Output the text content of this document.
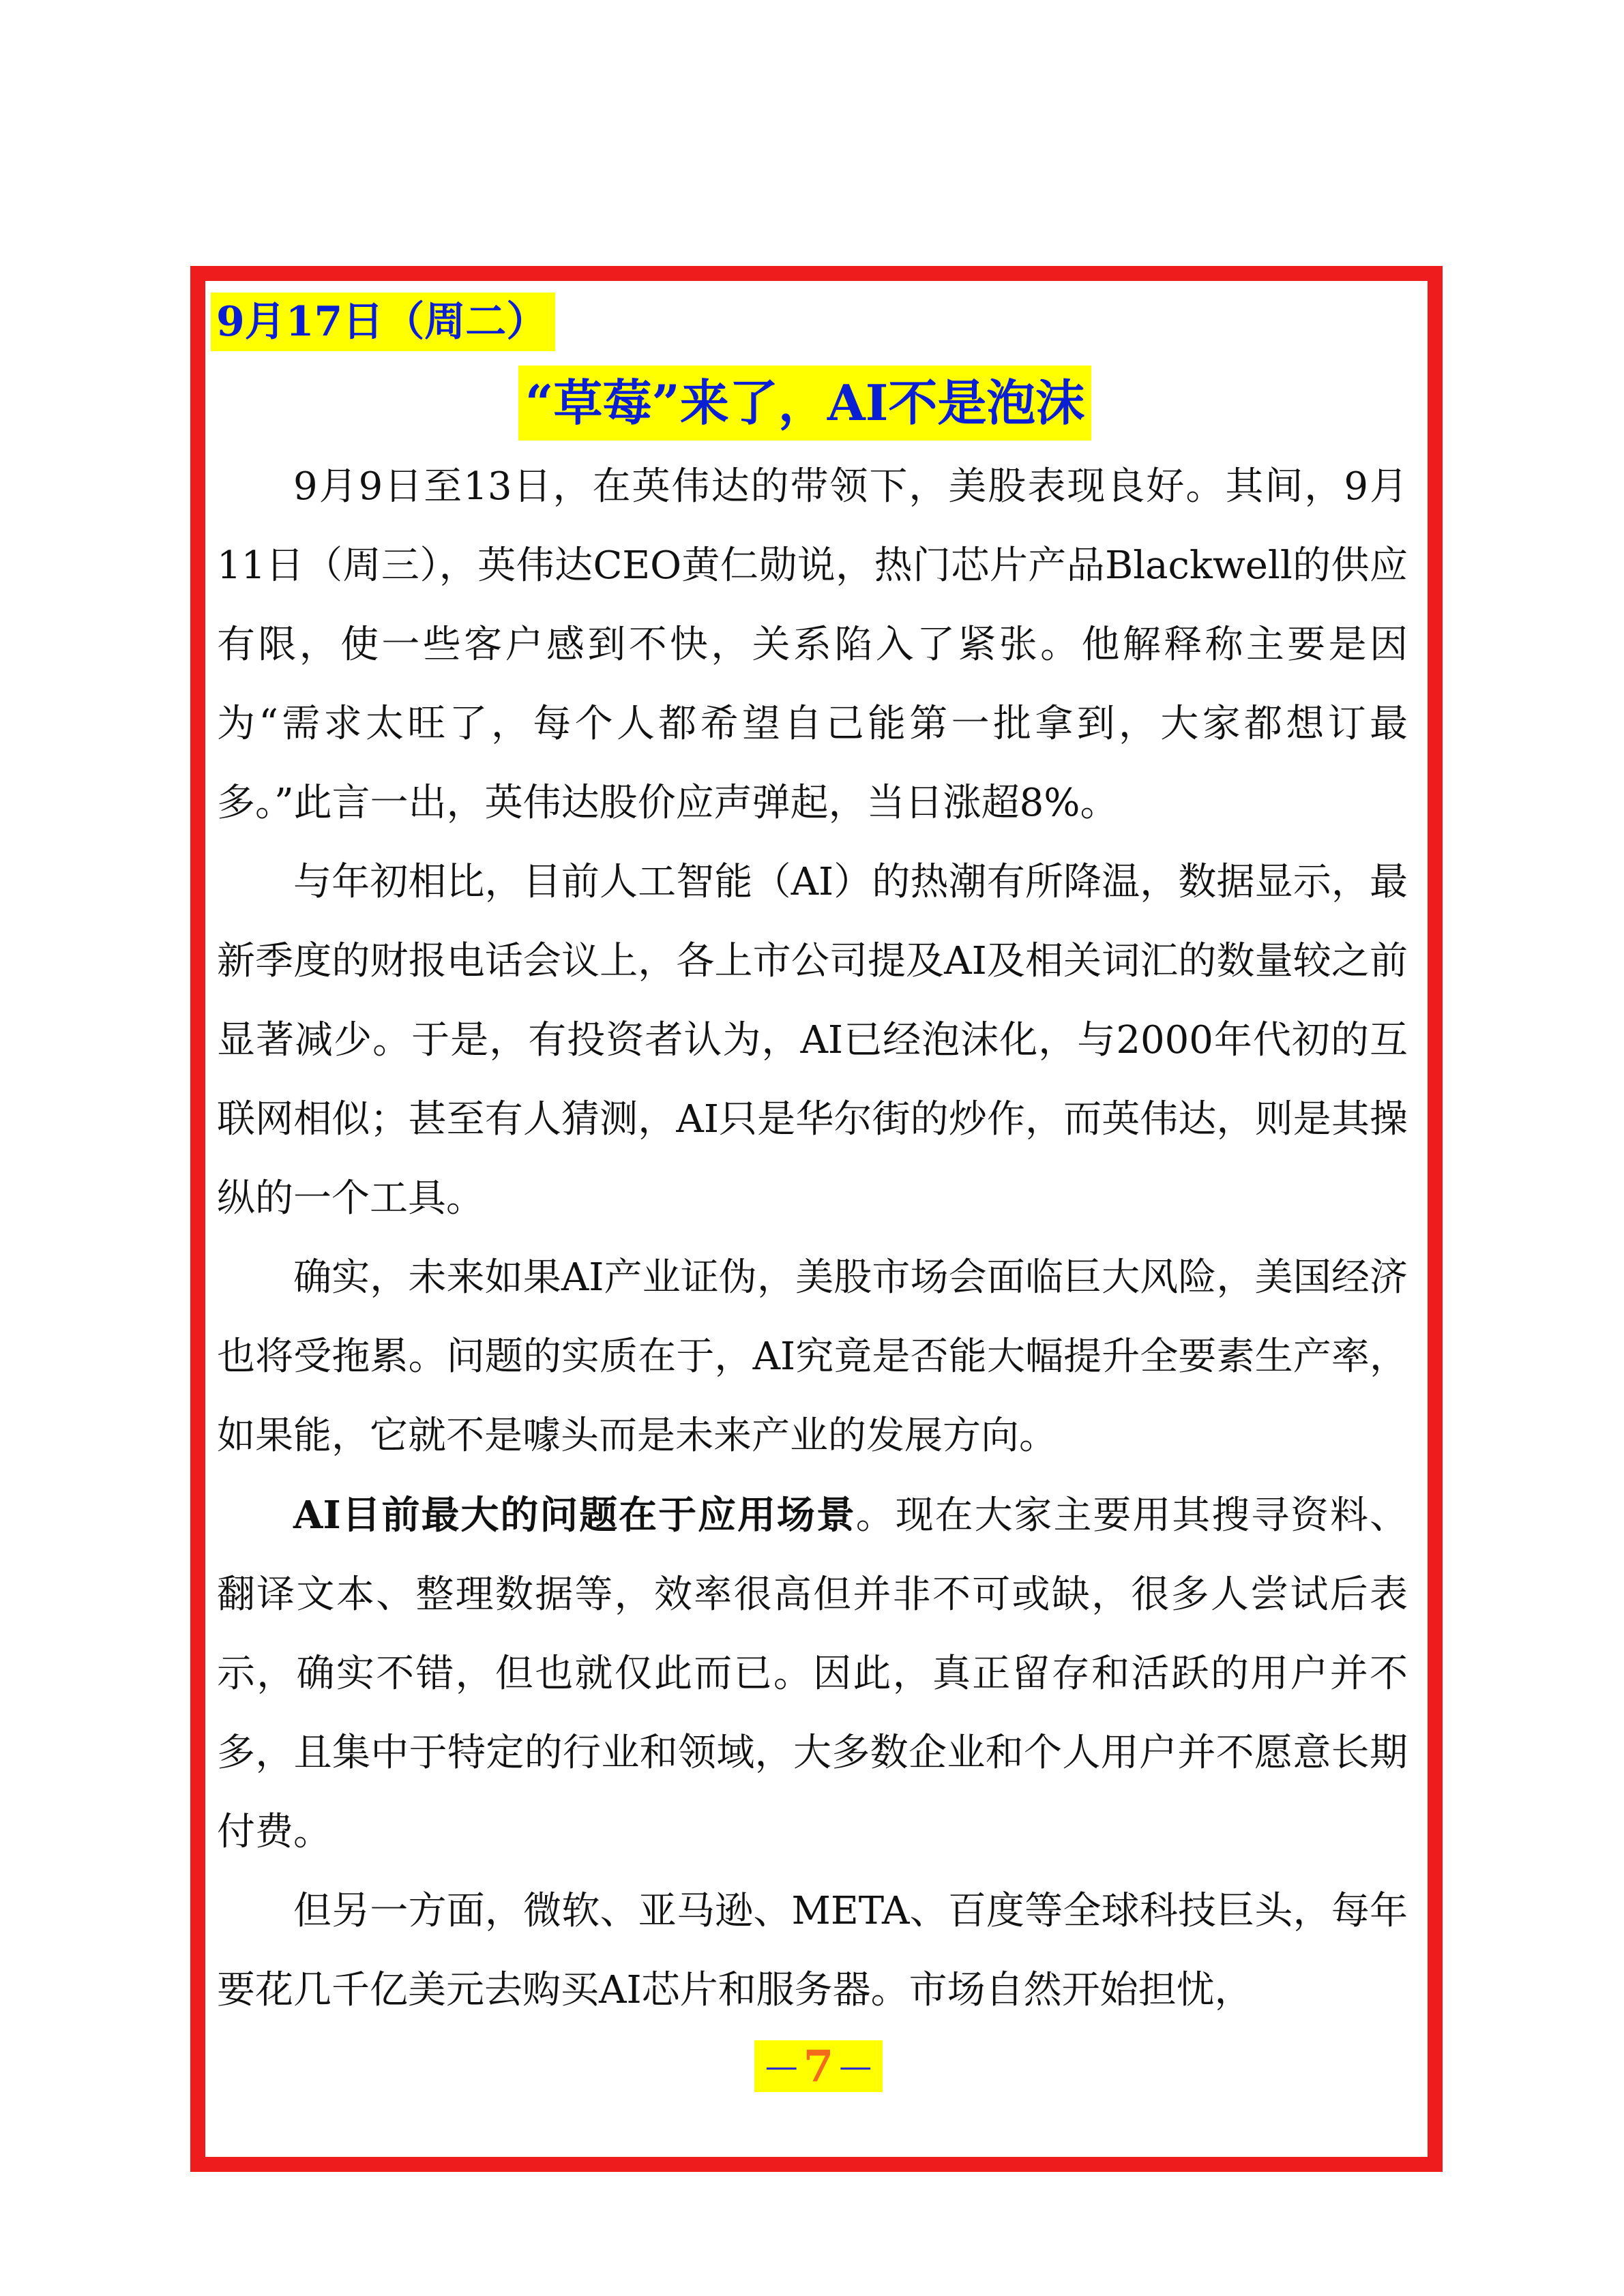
9月17日（周二）
“草莓”来了，AI不是泡沫

9月9日至13日，在英伟达的带领下，美股表现良好。其间，9月11日（周三），英伟达CEO黄仁勋说，热门芯片产品Blackwell的供应有限，使一些客户感到不快，关系陷入了紧张。他解释称主要是因为“需求太旺了，每个人都希望自己能第一批拿到，大家都想订最多。”此言一出，英伟达股价应声弹起，当日涨超8%。

与年初相比，目前人工智能（AI）的热潮有所降温，数据显示，最新季度的财报电话会议上，各上市公司提及AI及相关词汇的数量较之前显著减少。于是，有投资者认为，AI已经泡沫化，与2000年代初的互联网相似；甚至有人猜测，AI只是华尔街的炒作，而英伟达，则是其操纵的一个工具。

确实，未来如果AI产业证伪，美股市场会面临巨大风险，美国经济也将受拖累。问题的实质在于，AI究竟是否能大幅提升全要素生产率，如果能，它就不是噱头而是未来产业的发展方向。

AI目前最大的问题在于应用场景。现在大家主要用其搜寻资料、翻译文本、整理数据等，效率很高但并非不可或缺，很多人尝试后表示，确实不错，但也就仅此而已。因此，真正留存和活跃的用户并不多，且集中于特定的行业和领域，大多数企业和个人用户并不愿意长期付费。

但另一方面，微软、亚马逊、META、百度等全球科技巨头，每年要花几千亿美元去购买AI芯片和服务器。市场自然开始担忧，

— 7 —
